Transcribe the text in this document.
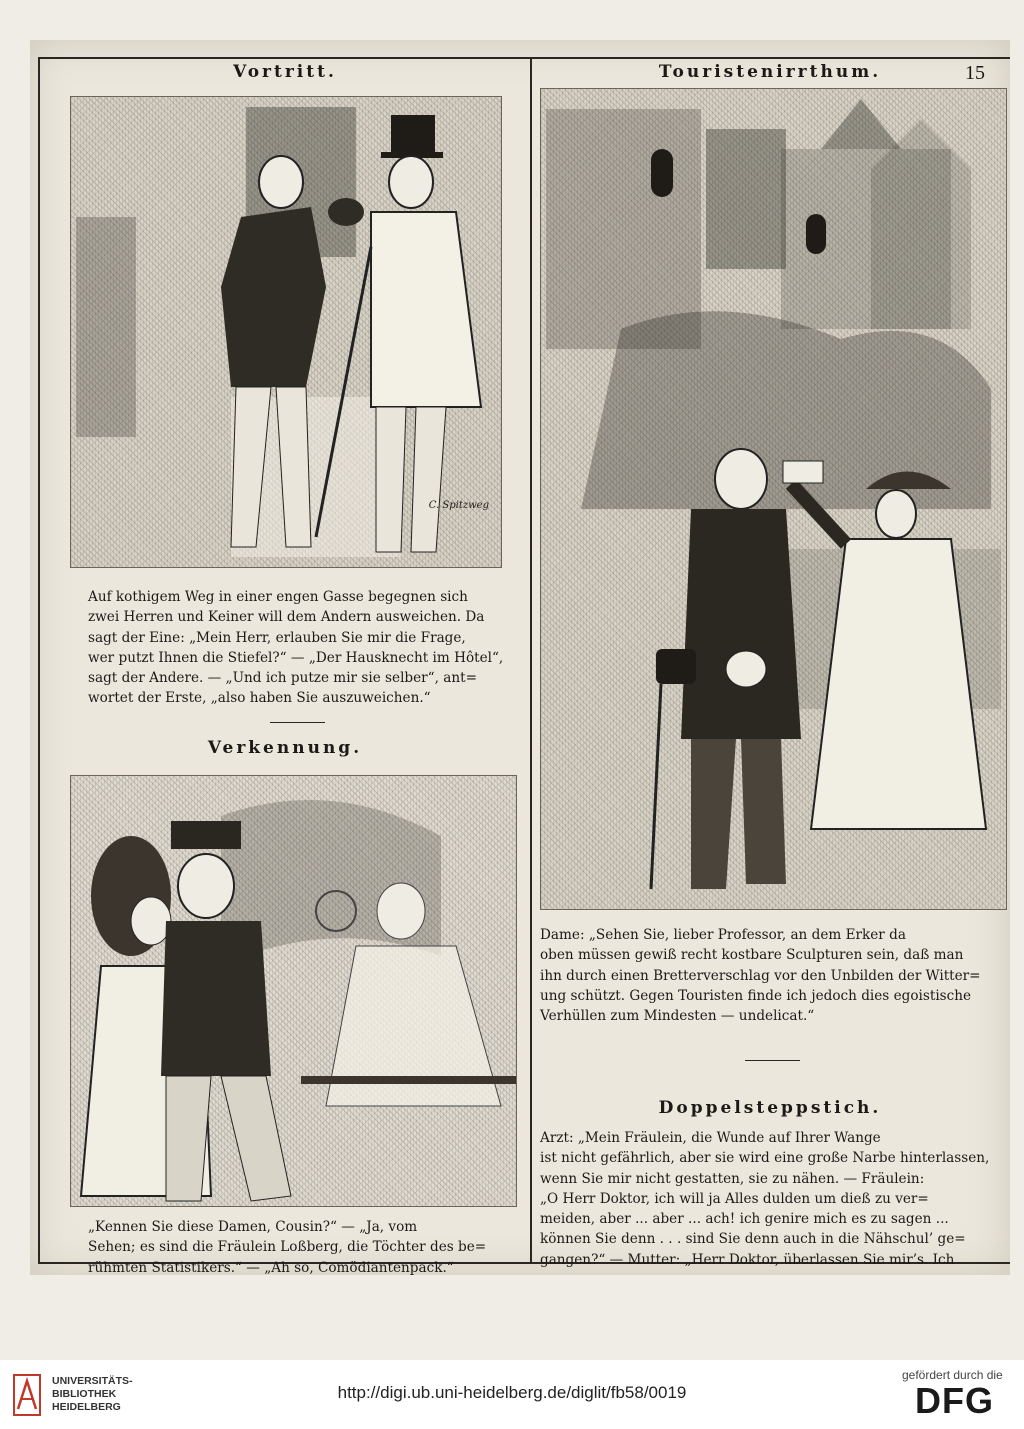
Vortritt.
C. Spitzweg

Auf kothigem Weg in einer engen Gasse begegnen sich

zwei Herren und Keiner will dem Andern ausweichen. Da

sagt der Eine: „Mein Herr, erlauben Sie mir die Frage,

wer putzt Ihnen die Stiefel?“ — „Der Hausknecht im Hôtel“,

sagt der Andere. — „Und ich putze mir sie selber“, ant=

wortet der Erste, „also haben Sie auszuweichen.“

Verkennung.

„Kennen Sie diese Damen, Cousin?“ — „Ja, vom

Sehen; es sind die Fräulein Loßberg, die Töchter des be=

rühmten Statistikers.“ — „Ah so, Comödiantenpack.“

Touristenirrthum.	15

Dame: „Sehen Sie, lieber Professor, an dem Erker da

oben müssen gewiß recht kostbare Sculpturen sein, daß man

ihn durch einen Bretterverschlag vor den Unbilden der Witter=

ung schützt. Gegen Touristen finde ich jedoch dies egoistische

Verhüllen zum Mindesten — undelicat.“

Doppelsteppstich.

Arzt: „Mein Fräulein, die Wunde auf Ihrer Wange

ist nicht gefährlich, aber sie wird eine große Narbe hinterlassen,

wenn Sie mir nicht gestatten, sie zu nähen. — Fräulein:

„O Herr Doktor, ich will ja Alles dulden um dieß zu ver=

meiden, aber ... aber ... ach! ich genire mich es zu sagen ...

können Sie denn . . . sind Sie denn auch in die Nähschul’ ge=

gangen?“ — Mutter: „Herr Doktor, überlassen Sie mir’s. Ich

UNIVERSITÄTS-
BIBLIOTHEK
HEIDELBERG
http://digi.ub.uni-heidelberg.de/diglit/fb58/0019
gefördert durch die
DFG
